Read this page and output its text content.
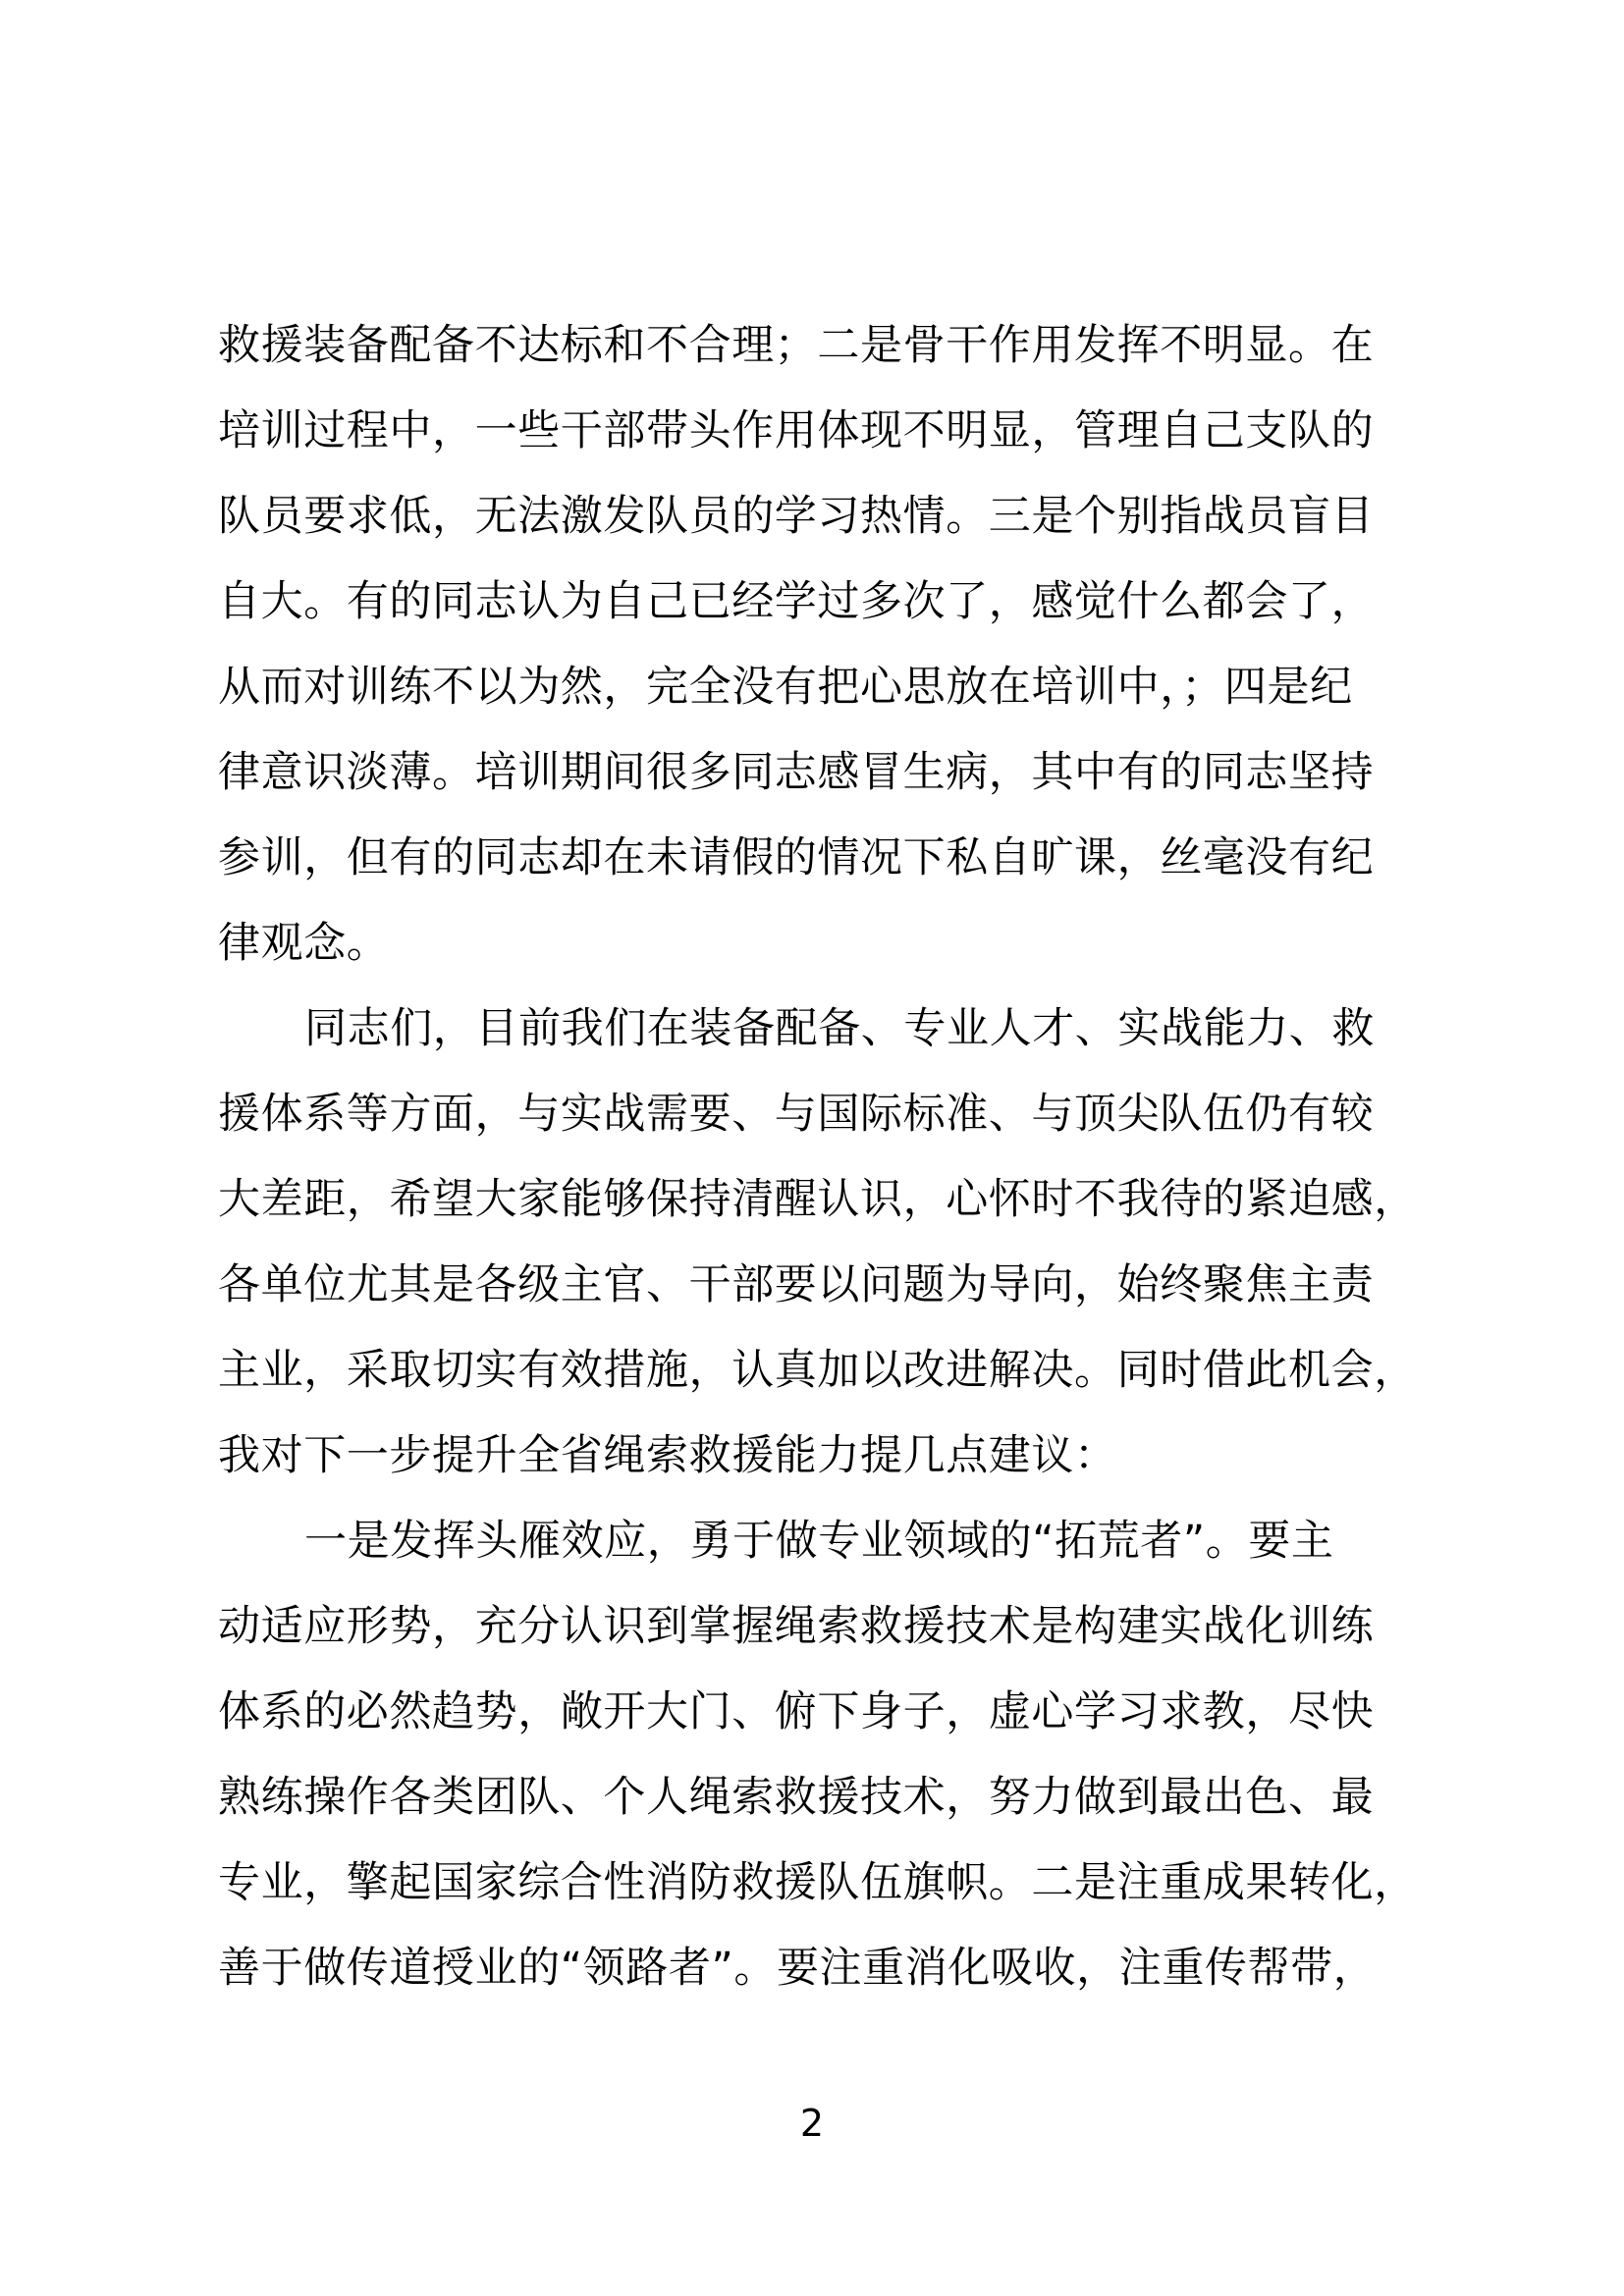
救援装备配备不达标和不合理；二是骨干作用发挥不明显。在
培训过程中，一些干部带头作用体现不明显，管理自己支队的
队员要求低，无法激发队员的学习热情。三是个别指战员盲目
自大。有的同志认为自己已经学过多次了，感觉什么都会了，
从而对训练不以为然，完全没有把心思放在培训中，；四是纪
律意识淡薄。培训期间很多同志感冒生病，其中有的同志坚持
参训，但有的同志却在未请假的情况下私自旷课，丝毫没有纪
律观念。
同志们，目前我们在装备配备、专业人才、实战能力、救
援体系等方面，与实战需要、与国际标准、与顶尖队伍仍有较
大差距，希望大家能够保持清醒认识，心怀时不我待的紧迫感，
各单位尤其是各级主官、干部要以问题为导向，始终聚焦主责
主业，采取切实有效措施，认真加以改进解决。同时借此机会，
我对下一步提升全省绳索救援能力提几点建议：
一是发挥头雁效应，勇于做专业领域的“拓荒者”。要主
动适应形势，充分认识到掌握绳索救援技术是构建实战化训练
体系的必然趋势，敞开大门、俯下身子，虚心学习求教，尽快
熟练操作各类团队、个人绳索救援技术，努力做到最出色、最
专业，擎起国家综合性消防救援队伍旗帜。二是注重成果转化，
善于做传道授业的“领路者”。要注重消化吸收，注重传帮带，
2
